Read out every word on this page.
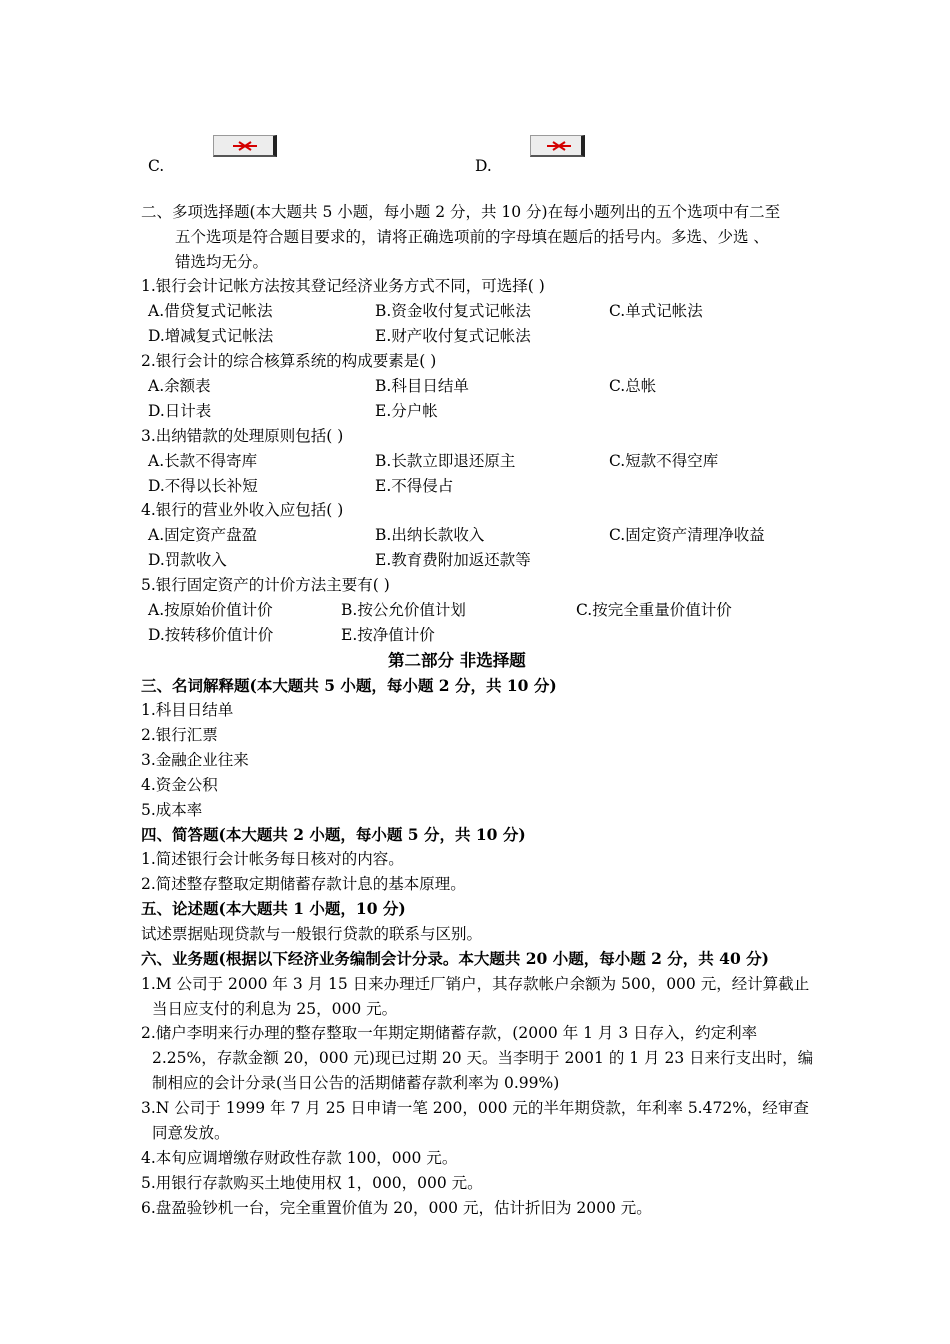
C.	D.
二、多项选择题(本大题共 5 小题，每小题 2 分，共 10 分)在每小题列出的五个选项中有二至
五个选项是符合题目要求的，请将正确选项前的字母填在题后的括号内。多选、少选 、
错选均无分。
1.银行会计记帐方法按其登记经济业务方式不同，可选择( )
A.借贷复式记帐法	B.资金收付复式记帐法	C.单式记帐法
D.增减复式记帐法	E.财产收付复式记帐法
2.银行会计的综合核算系统的构成要素是( )
A.余额表	B.科目日结单	C.总帐
D.日计表	E.分户帐
3.出纳错款的处理原则包括( )
A.长款不得寄库	B.长款立即退还原主	C.短款不得空库
D.不得以长补短	E.不得侵占
4.银行的营业外收入应包括( )
A.固定资产盘盈	B.出纳长款收入	C.固定资产清理净收益
D.罚款收入	E.教育费附加返还款等
5.银行固定资产的计价方法主要有( )
A.按原始价值计价	B.按公允价值计划	C.按完全重量价值计价
D.按转移价值计价	E.按净值计价
第二部分 非选择题
三、名词解释题(本大题共 5 小题，每小题 2 分，共 10 分)
1.科目日结单
2.银行汇票
3.金融企业往来
4.资金公积
5.成本率
四、简答题(本大题共 2 小题，每小题 5 分，共 10 分)
1.简述银行会计帐务每日核对的内容。
2.简述整存整取定期储蓄存款计息的基本原理。
五、论述题(本大题共 1 小题，10 分)
试述票据贴现贷款与一般银行贷款的联系与区别。
六、业务题(根据以下经济业务编制会计分录。本大题共 20 小题，每小题 2 分，共 40 分)
1.M 公司于 2000 年 3 月 15 日来办理迁厂销户，其存款帐户余额为 500，000 元，经计算截止
当日应支付的利息为 25，000 元。
2.储户李明来行办理的整存整取一年期定期储蓄存款，(2000 年 1 月 3 日存入，约定利率
2.25%，存款金额 20，000 元)现已过期 20 天。当李明于 2001 的 1 月 23 日来行支出时，编
制相应的会计分录(当日公告的活期储蓄存款利率为 0.99%)
3.N 公司于 1999 年 7 月 25 日申请一笔 200，000 元的半年期贷款，年利率 5.472%，经审查
同意发放。
4.本旬应调增缴存财政性存款 100，000 元。
5.用银行存款购买土地使用权 1，000，000 元。
6.盘盈验钞机一台，完全重置价值为 20，000 元，估计折旧为 2000 元。
